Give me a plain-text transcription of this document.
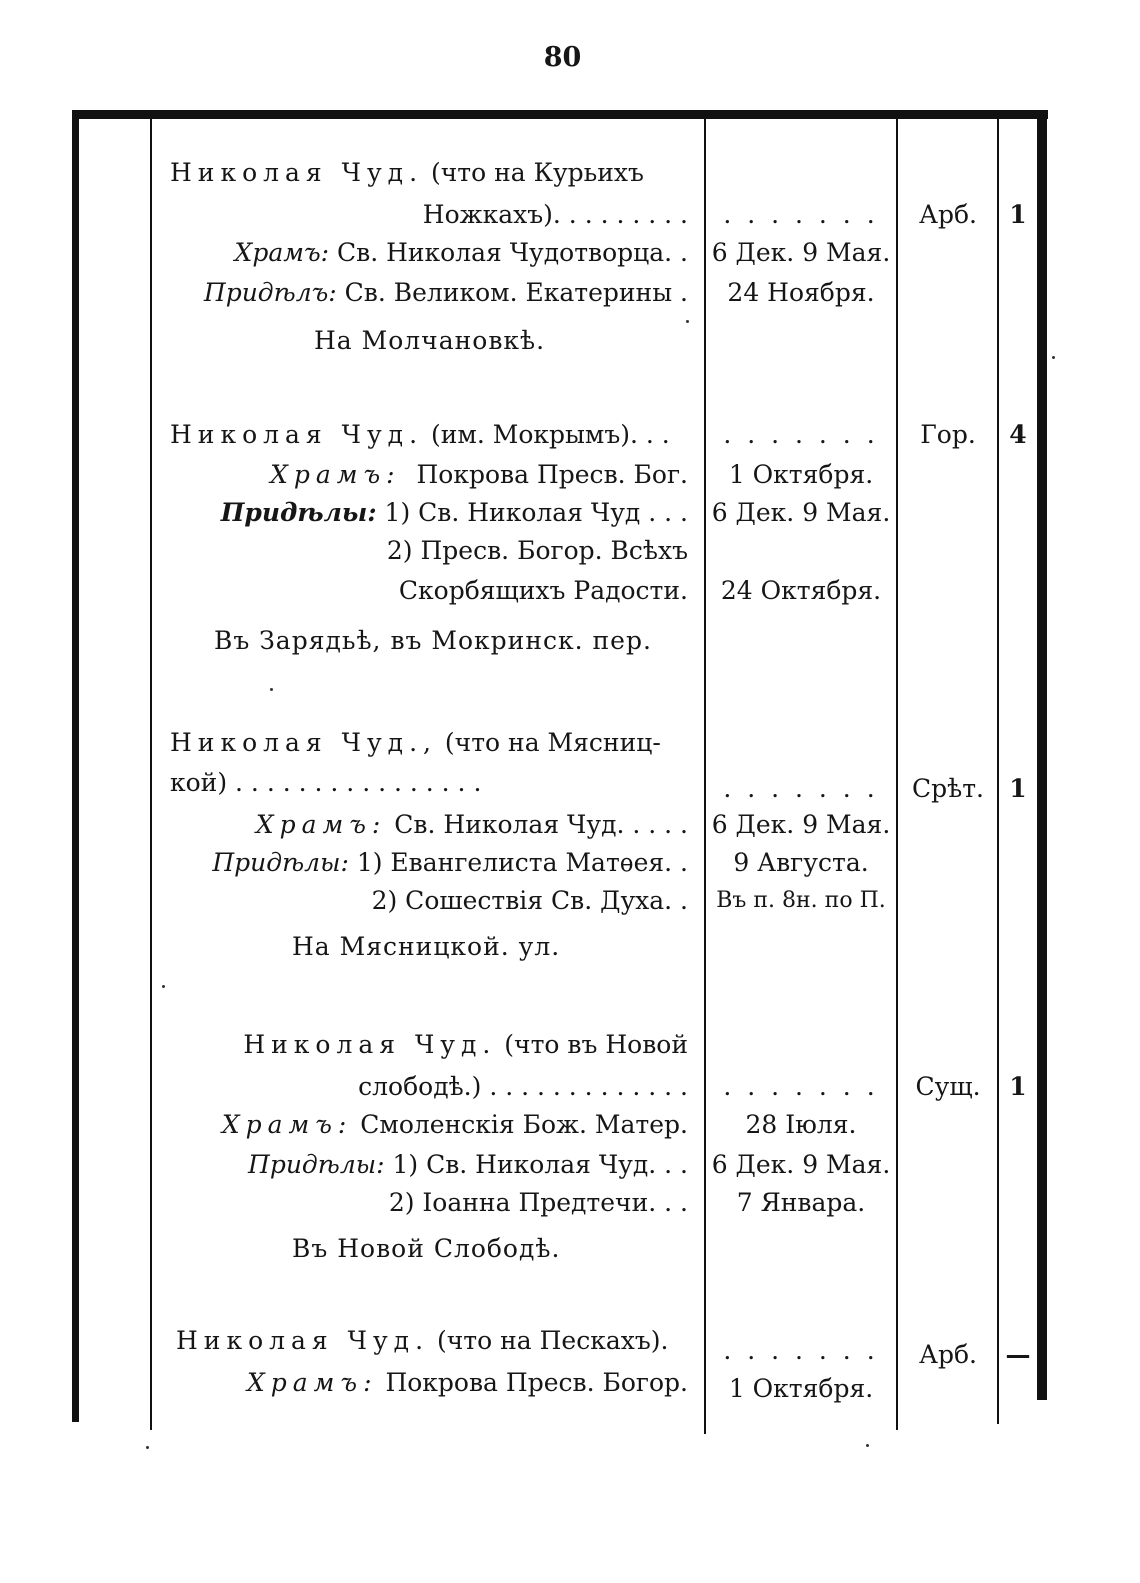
80
Николая Чуд. (что на Курьихъ
Ножкахъ). . . . . . . . .	. . . . . . .	Арб.	1
Храмъ: Св. Николая Чудотворца. . 6 Дек. 9 Мая.
Придѣлъ: Св. Великом. Екатерины .	24 Ноября.
На Молчановкѣ.
Николая Чуд. (им. Мокрымъ). . .	. . . . . . .	Гор.	4
Храмъ:  Покрова Пресв. Бог.	1 Октября.
Придѣлы: 1) Св. Николая Чуд . . . 6 Дек. 9 Мая.
2) Пресв. Богор. Всѣхъ
Скорбящихъ Радости.	24 Октября.
Въ Зарядьѣ, въ Мокринск. пер.
Николая Чуд., (что на Мясниц-
кой) . . . . . . . . . . . . . . . .	. . . . . . .	Срѣт.	1
Храмъ: Св. Николая Чуд. . . . . 6 Дек. 9 Мая.
Придѣлы: 1) Евангелиста Матѳея. .	9 Августа.
2) Сошествія Св. Духа. .	Въ п. 8н. по П.
На Мясницкой. ул.
Николая Чуд. (что въ Новой
слободѣ.) . . . . . . . . . . . . .	. . . . . . .	Сущ.	1
Храмъ: Смоленскія Бож. Матер.	28 Іюля.
Придѣлы: 1) Св. Николая Чуд. . . 6 Дек. 9 Мая.
2) Іоанна Предтечи. . .	7 Январа.
Въ Новой Слободѣ.
Николая Чуд. (что на Пескахъ).	. . . . . . .	Арб.	—
Храмъ: Покрова Пресв. Богор.	1 Октября.
